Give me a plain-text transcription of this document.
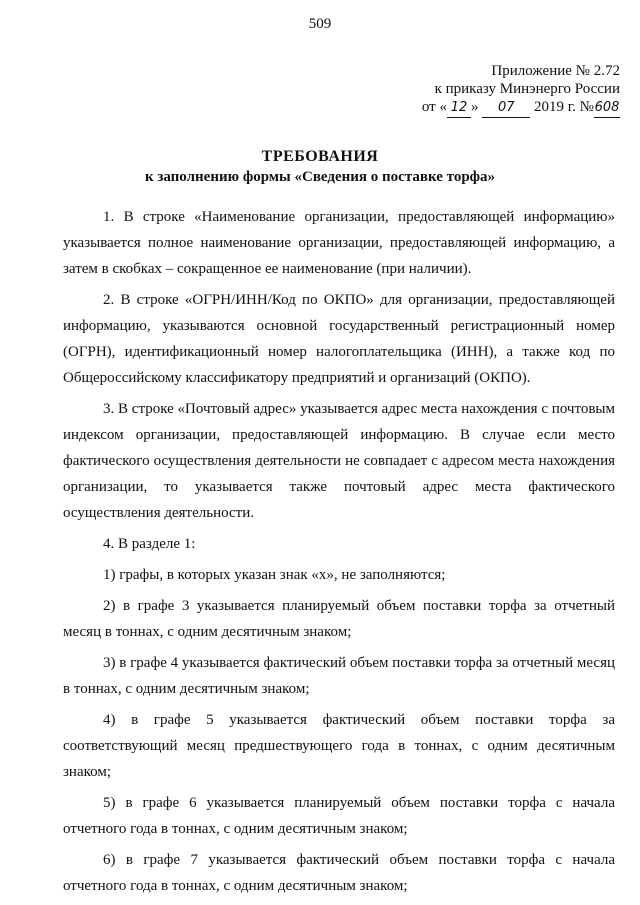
509
Приложение № 2.72
к приказу Минэнерго России
от « 12 » 07 2019 г. №608
ТРЕБОВАНИЯ
к заполнению формы «Сведения о поставке торфа»

1. В строке «Наименование организации, предоставляющей информацию» указывается полное наименование организации, предоставляющей информацию, а затем в скобках – сокращенное ее наименование (при наличии).

2. В строке «ОГРН/ИНН/Код по ОКПО» для организации, предоставляющей информацию, указываются основной государственный регистрационный номер (ОГРН), идентификационный номер налогоплательщика (ИНН), а также код по Общероссийскому классификатору предприятий и организаций (ОКПО).

3. В строке «Почтовый адрес» указывается адрес места нахождения с почтовым индексом организации, предоставляющей информацию. В случае если место фактического осуществления деятельности не совпадает с адресом места нахождения организации, то указывается также почтовый адрес места фактического осуществления деятельности.

4. В разделе 1:

1) графы, в которых указан знак «х», не заполняются;

2) в графе 3 указывается планируемый объем поставки торфа за отчетный месяц в тоннах, с одним десятичным знаком;

3) в графе 4 указывается фактический объем поставки торфа за отчетный месяц в тоннах, с одним десятичным знаком;

4) в графе 5 указывается фактический объем поставки торфа за соответствующий месяц предшествующего года в тоннах, с одним десятичным знаком;

5) в графе 6 указывается планируемый объем поставки торфа с начала отчетного года в тоннах, с одним десятичным знаком;

6) в графе 7 указывается фактический объем поставки торфа с начала отчетного года в тоннах, с одним десятичным знаком;
